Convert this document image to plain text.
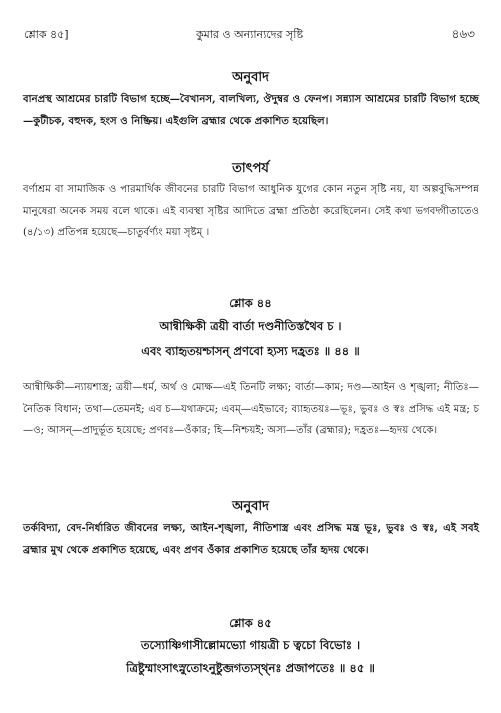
শ্লোক ৪৫]	কুমার ও অন্যান্যদের সৃষ্টি	৪৬৩
অনুবাদ

বানপ্রস্থ আশ্রমের চারটি বিভাগ হচ্ছে—বৈখানস, বালখিল্য, ঔদুম্বর ও ফেনপ। সন্ন্যাস আশ্রমের চারটি বিভাগ হচ্ছে—কুটীচক, বহুদক, হংস ও নিষ্ক্রিয়। এইগুলি ব্রহ্মার থেকে প্রকাশিত হয়েছিল।

তাৎপর্য

বর্ণাশ্রম বা সামাজিক ও পারমার্থিক জীবনের চারটি বিভাগ আধুনিক যুগের কোন নতুন সৃষ্টি নয়, যা অল্পবুদ্ধিসম্পন্ন মানুষেরা অনেক সময় বলে থাকে। এই ব্যবস্থা সৃষ্টির আদিতে ব্রহ্মা প্রতিষ্ঠা করেছিলেন। সেই কথা ভগবদ্গীতাতেও (৪/১৩) প্রতিপন্ন হয়েছে—চাতুর্বর্ণ্যং ময়া সৃষ্টম্ ।

শ্লোক ৪৪
আন্বীক্ষিকী ত্রয়ী বার্তা দণ্ডনীতিস্তথৈব চ ।
এবং ব্যাহৃতয়শ্চাসন্ প্রণবো হ্যস্য দহ্রতঃ ॥ ৪৪ ॥

আন্বীক্ষিকী—ন্যায়শাস্ত্র; ত্রয়ী—ধর্ম, অর্থ ও মোক্ষ—এই তিনটি লক্ষ্য; বার্তা—কাম; দণ্ড—আইন ও শৃঙ্খলা; নীতিঃ—নৈতিক বিধান; তথা—তেমনই; এব চ—যথাক্রমে; এবম্—এইভাবে; ব্যাহৃতয়ঃ—ভূঃ, ভুবঃ ও স্বঃ প্রসিদ্ধ এই মন্ত্র; চ—ও; আসন্—প্রাদুর্ভূত হয়েছে; প্রণবঃ—ওঁকার; হি—নিশ্চয়ই; অস্য—তাঁর (ব্রহ্মার); দহ্রতঃ—হৃদয় থেকে।

অনুবাদ

তর্কবিদ্যা, বেদ-নির্ধারিত জীবনের লক্ষ্য, আইন-শৃঙ্খলা, নীতিশাস্ত্র এবং প্রসিদ্ধ মন্ত্র ভূঃ, ভুবঃ ও স্বঃ, এই সবই ব্রহ্মার মুখ থেকে প্রকাশিত হয়েছে, এবং প্রণব ওঁকার প্রকাশিত হয়েছে তাঁর হৃদয় থেকে।

শ্লোক ৪৫
তস্যোষ্ণিগাসীল্লোমভ্যো গায়ত্রী চ ত্বচো বিভোঃ ।
ত্রিষ্টুম্মাংসাৎস্নুতোঽনুষ্টুব্জগত্যস্থ্নঃ প্রজাপতেঃ ॥ ৪৫ ॥
